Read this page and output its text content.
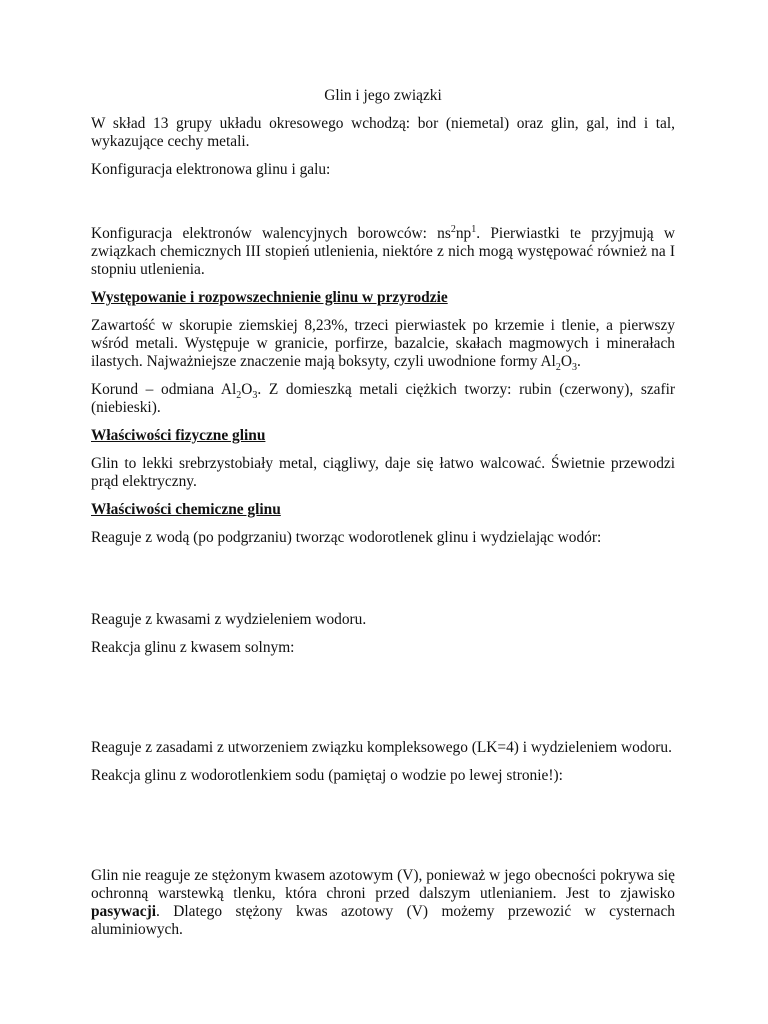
Glin i jego związki

W skład 13 grupy układu okresowego wchodzą: bor (niemetal) oraz glin, gal, ind i tal, wykazujące cechy metali.

Konfiguracja elektronowa glinu i galu:

Konfiguracja elektronów walencyjnych borowców: $ns^2np^1$. Pierwiastki te przyjmują w związkach chemicznych III stopień utlenienia, niektóre z nich mogą występować również na I stopniu utlenienia.

Występowanie i rozpowszechnienie glinu w przyrodzie

Zawartość w skorupie ziemskiej 8,23%, trzeci pierwiastek po krzemie i tlenie, a pierwszy wśród metali. Występuje w granicie, porfirze, bazalcie, skałach magmowych i minerałach ilastych. Najważniejsze znaczenie mają boksyty, czyli uwodnione formy $Al_2O_3$.

Korund – odmiana $Al_2O_3$. Z domieszką metali ciężkich tworzy: rubin (czerwony), szafir (niebieski).

Właściwości fizyczne glinu

Glin to lekki srebrzystobiały metal, ciągliwy, daje się łatwo walcować. Świetnie przewodzi prąd elektryczny.

Właściwości chemiczne glinu

Reaguje z wodą (po podgrzaniu) tworząc wodorotlenek glinu i wydzielając wodór:

Reaguje z kwasami z wydzieleniem wodoru.

Reakcja glinu z kwasem solnym:

Reaguje z zasadami z utworzeniem związku kompleksowego (LK=4) i wydzieleniem wodoru.

Reakcja glinu z wodorotlenkiem sodu (pamiętaj o wodzie po lewej stronie!):

Glin nie reaguje ze stężonym kwasem azotowym (V), ponieważ w jego obecności pokrywa się ochronną warstewką tlenku, która chroni przed dalszym utlenianiem. Jest to zjawisko pasywacji. Dlatego stężony kwas azotowy (V) możemy przewozić w cysternach aluminiowych.
